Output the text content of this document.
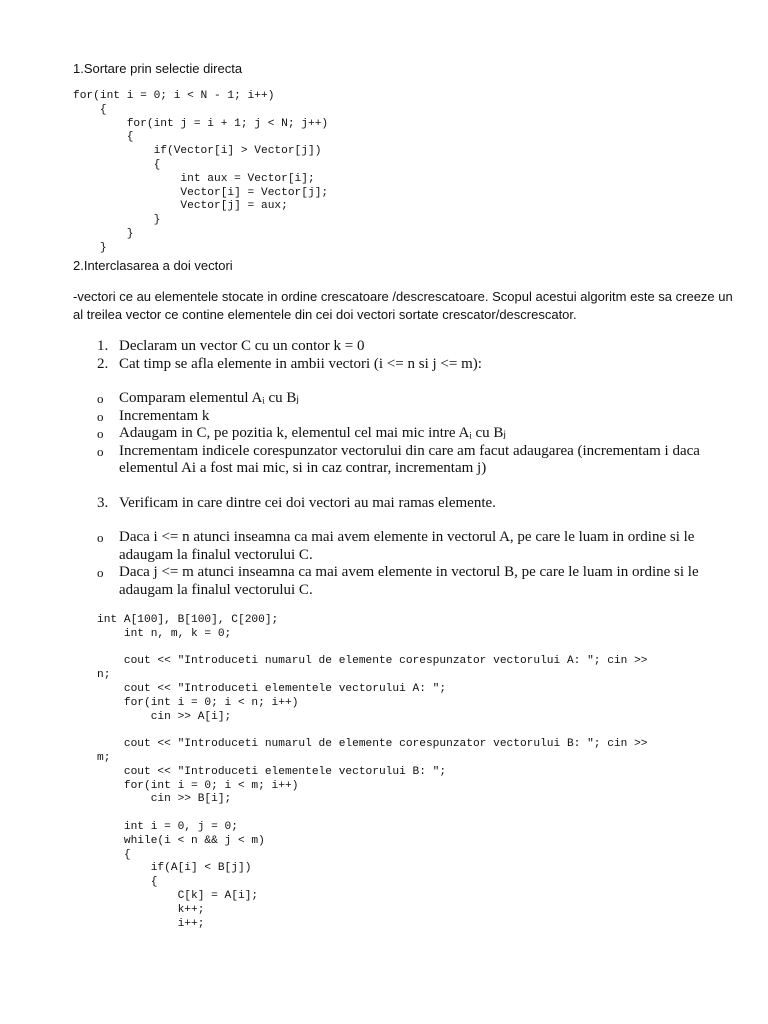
1.Sortare prin selectie directa
for(int i = 0; i < N - 1; i++)
{
for(int j = i + 1; j < N; j++)
{
if(Vector[i] > Vector[j])
{
int aux = Vector[i];
Vector[i] = Vector[j];
Vector[j] = aux;
}
}
}
2.Interclasarea a doi vectori
-vectori ce au elementele stocate in ordine crescatoare /descrescatoare. Scopul acestui algoritm este sa creeze un al treilea vector ce contine elementele din cei doi vectori sortate crescator/descrescator.
1. Declaram un vector C cu un contor k = 0
2. Cat timp se afla elemente in ambii vectori (i <= n si j <= m):
o	Comparam elementul Aᵢ cu Bⱼ
o	Incrementam k
o	Adaugam in C, pe pozitia k, elementul cel mai mic intre Aᵢ cu Bⱼ
o	Incrementam indicele corespunzator vectorului din care am facut adaugarea (incrementam i daca elementul Ai a fost mai mic, si in caz contrar, incrementam j)
3. Verificam in care dintre cei doi vectori au mai ramas elemente.
o	Daca i <= n atunci inseamna ca mai avem elemente in vectorul A, pe care le luam in ordine si le adaugam la finalul vectorului C.
o	Daca j <= m atunci inseamna ca mai avem elemente in vectorul B, pe care le luam in ordine si le adaugam la finalul vectorului C.
int A[100], B[100], C[200];
int n, m, k = 0;

cout << "Introduceti numarul de elemente corespunzator vectorului A: "; cin >>
n;
cout << "Introduceti elementele vectorului A: ";
for(int i = 0; i < n; i++)
cin >> A[i];

cout << "Introduceti numarul de elemente corespunzator vectorului B: "; cin >>
m;
cout << "Introduceti elementele vectorului B: ";
for(int i = 0; i < m; i++)
cin >> B[i];

int i = 0, j = 0;
while(i < n && j < m)
{
if(A[i] < B[j])
{
C[k] = A[i];
k++;
i++;
